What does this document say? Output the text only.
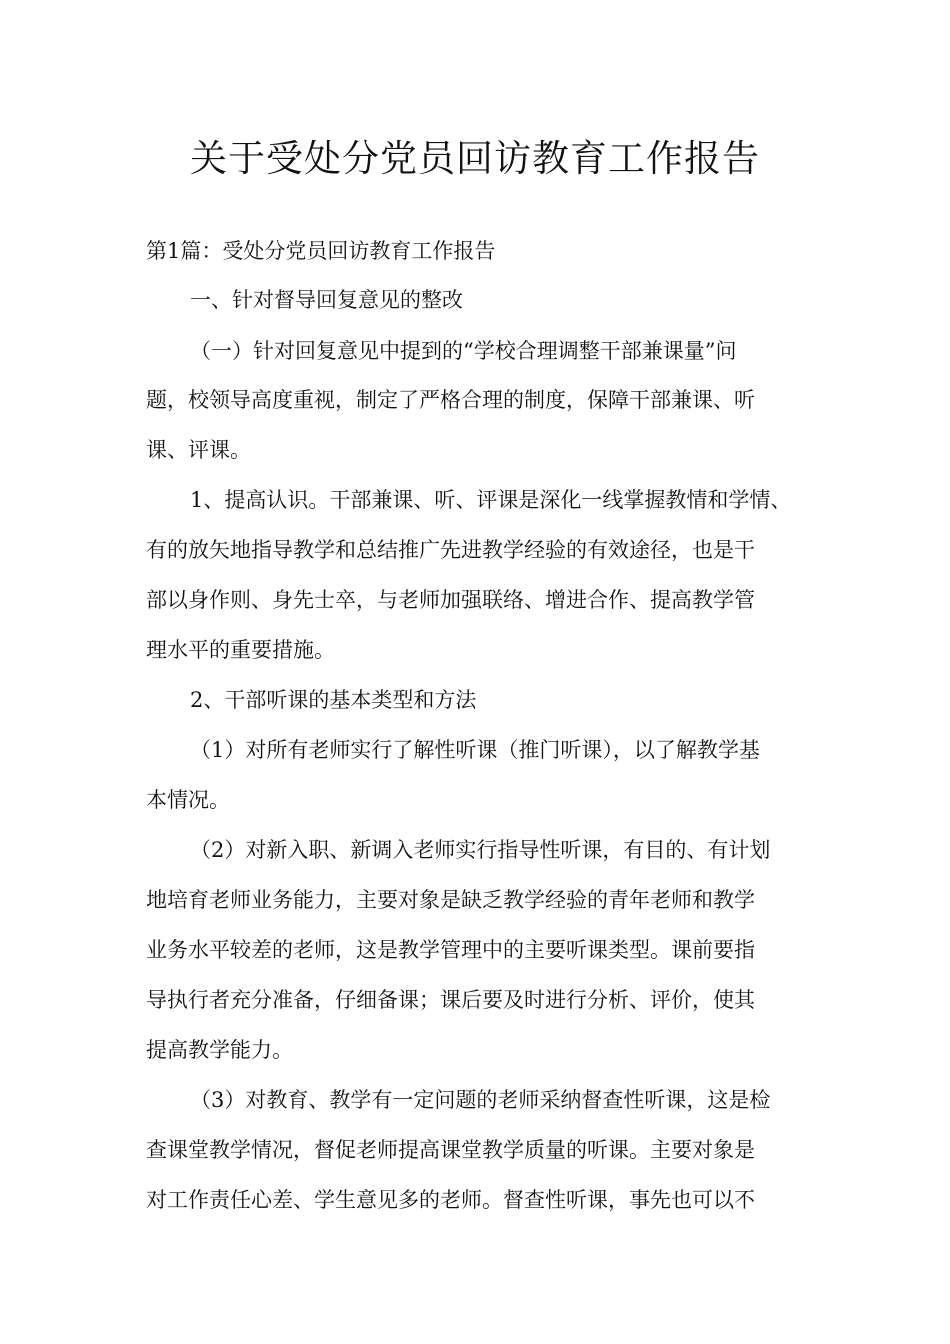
关于受处分党员回访教育工作报告

第1篇：受处分党员回访教育工作报告

一、针对督导回复意见的整改

（一）针对回复意见中提到的“学校合理调整干部兼课量”问

题，校领导高度重视，制定了严格合理的制度，保障干部兼课、听

课、评课。

1、提高认识。干部兼课、听、评课是深化一线掌握教情和学情、

有的放矢地指导教学和总结推广先进教学经验的有效途径，也是干

部以身作则、身先士卒，与老师加强联络、增进合作、提高教学管

理水平的重要措施。

2、干部听课的基本类型和方法

（1）对所有老师实行了解性听课（推门听课），以了解教学基

本情况。

（2）对新入职、新调入老师实行指导性听课，有目的、有计划

地培育老师业务能力，主要对象是缺乏教学经验的青年老师和教学

业务水平较差的老师，这是教学管理中的主要听课类型。课前要指

导执行者充分准备，仔细备课；课后要及时进行分析、评价，使其

提高教学能力。

（3）对教育、教学有一定问题的老师采纳督查性听课，这是检

查课堂教学情况，督促老师提高课堂教学质量的听课。主要对象是

对工作责任心差、学生意见多的老师。督查性听课，事先也可以不
